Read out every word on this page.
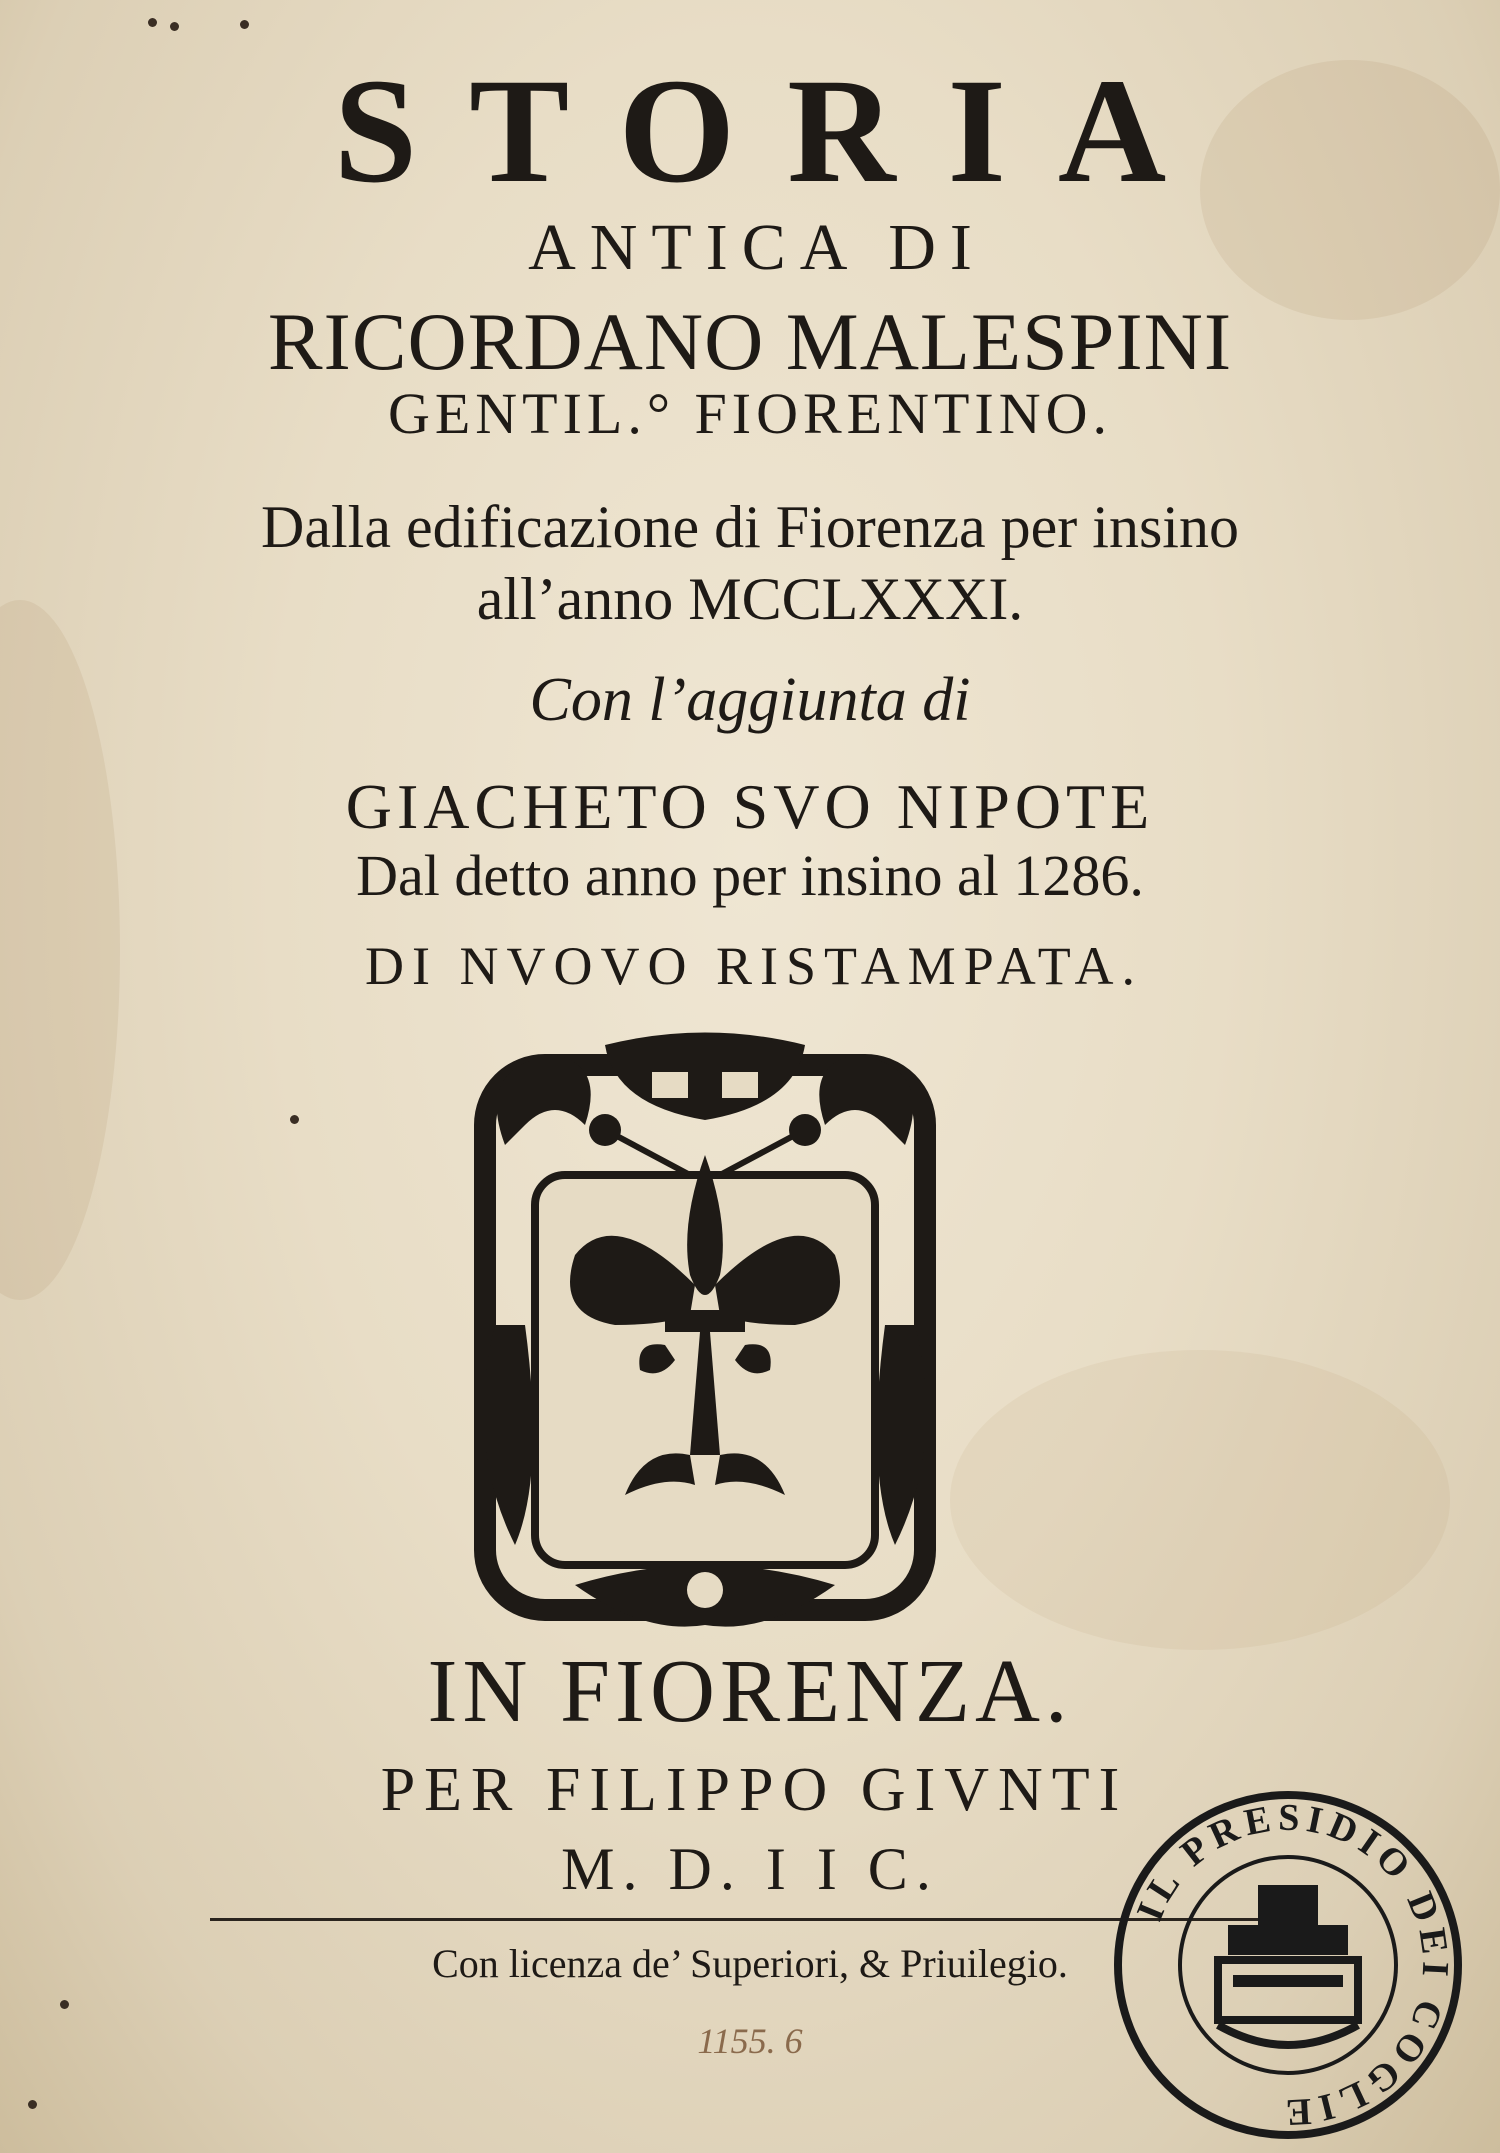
STORIA
ANTICA DI
RICORDANO MALESPINI
GENTIL.° FIORENTINO.
Dalla edificazione di Fiorenza per insino
all’anno MCCLXXXI.
Con l’aggiunta di
GIACHETO SVO NIPOTE
Dal detto anno per insino al 1286.
DI NVOVO RISTAMPATA.
IN FIORENZA.
PER FILIPPO GIVNTI
M. D. I I C.
Con licenza de’ Superiori, & Priuilegio.
1155. 6
IL PRESIDIO DEI COGLIE
